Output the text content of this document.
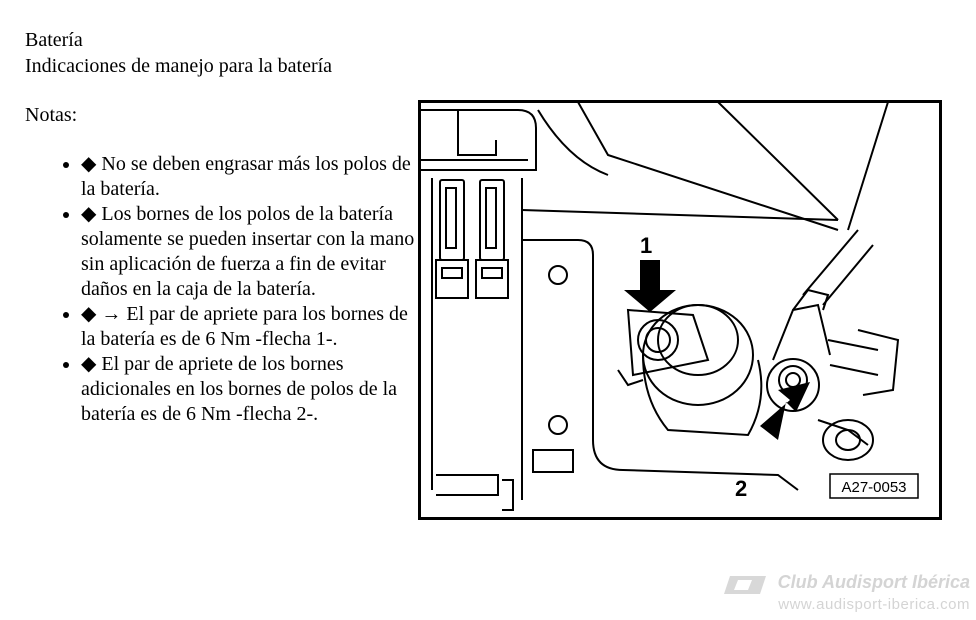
Batería
Indicaciones de manejo para la batería
Notas:
• ◆ No se deben engrasar más los polos de la batería.
• ◆ Los bornes de los polos de la batería solamente se pueden insertar con la mano sin aplicación de fuerza a fin de evitar daños en la caja de la batería.
• ◆ → El par de apriete para los bornes de la batería es de 6 Nm -flecha 1-.
• ◆ El par de apriete de los bornes adicionales en los bornes de polos de la batería es de 6 Nm -flecha 2-.
1
2	A27-0053
Club Audisport Ibérica
www.audisport-iberica.com
